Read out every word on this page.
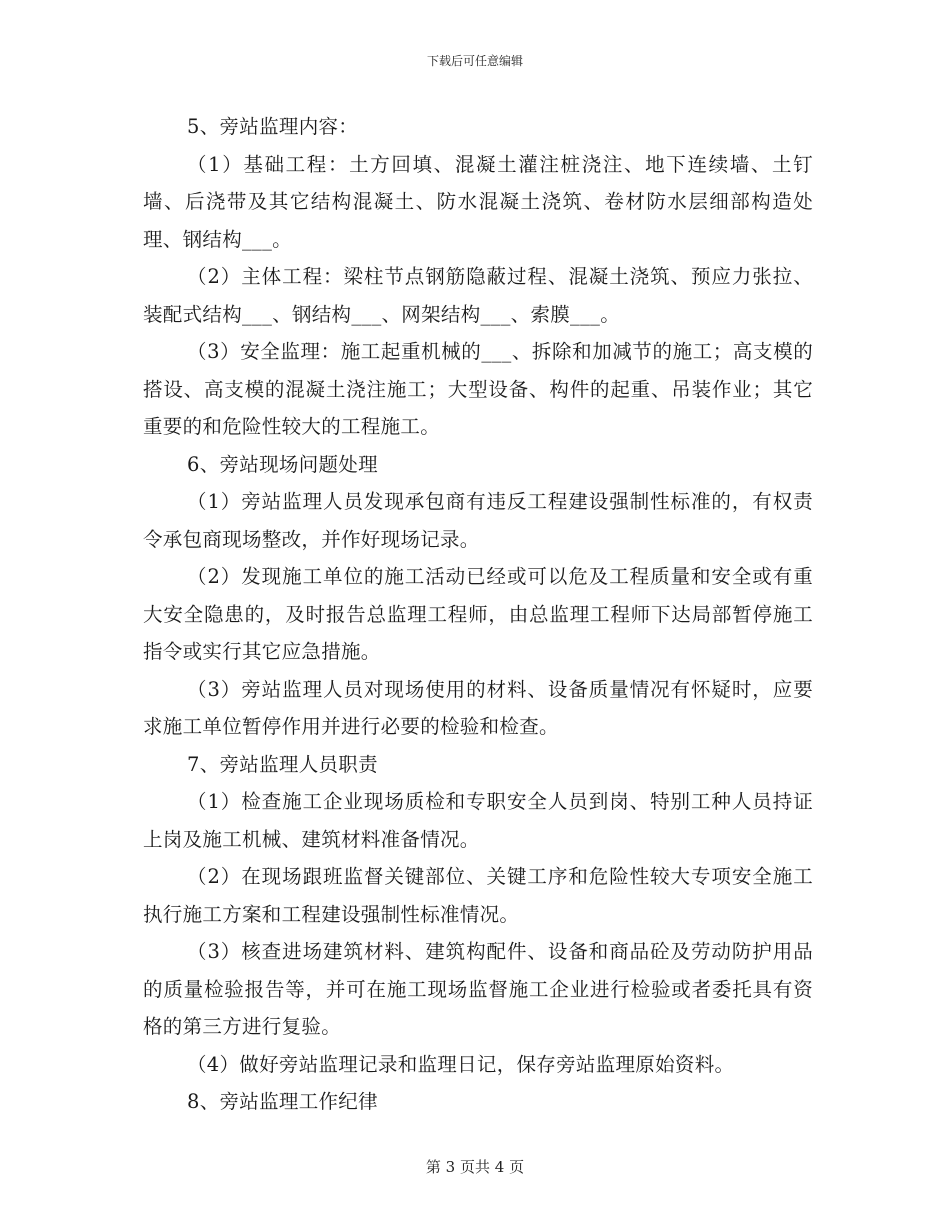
下载后可任意编辑

5、旁站监理内容：

（1）基础工程：土方回填、混凝土灌注桩浇注、地下连续墙、土钉墙、后浇带及其它结构混凝土、防水混凝土浇筑、卷材防水层细部构造处理、钢结构___。

（2）主体工程：梁柱节点钢筋隐蔽过程、混凝土浇筑、预应力张拉、装配式结构___、钢结构___、网架结构___、索膜___。

（3）安全监理：施工起重机械的___、拆除和加减节的施工；高支模的搭设、高支模的混凝土浇注施工；大型设备、构件的起重、吊装作业；其它重要的和危险性较大的工程施工。

6、旁站现场问题处理

（1）旁站监理人员发现承包商有违反工程建设强制性标准的，有权责令承包商现场整改，并作好现场记录。

（2）发现施工单位的施工活动已经或可以危及工程质量和安全或有重大安全隐患的，及时报告总监理工程师，由总监理工程师下达局部暂停施工指令或实行其它应急措施。

（3）旁站监理人员对现场使用的材料、设备质量情况有怀疑时，应要求施工单位暂停作用并进行必要的检验和检查。

7、旁站监理人员职责

（1）检查施工企业现场质检和专职安全人员到岗、特别工种人员持证上岗及施工机械、建筑材料准备情况。

（2）在现场跟班监督关键部位、关键工序和危险性较大专项安全施工执行施工方案和工程建设强制性标准情况。

（3）核查进场建筑材料、建筑构配件、设备和商品砼及劳动防护用品的质量检验报告等，并可在施工现场监督施工企业进行检验或者委托具有资格的第三方进行复验。

（4）做好旁站监理记录和监理日记，保存旁站监理原始资料。

8、旁站监理工作纪律

第 3 页共 4 页
